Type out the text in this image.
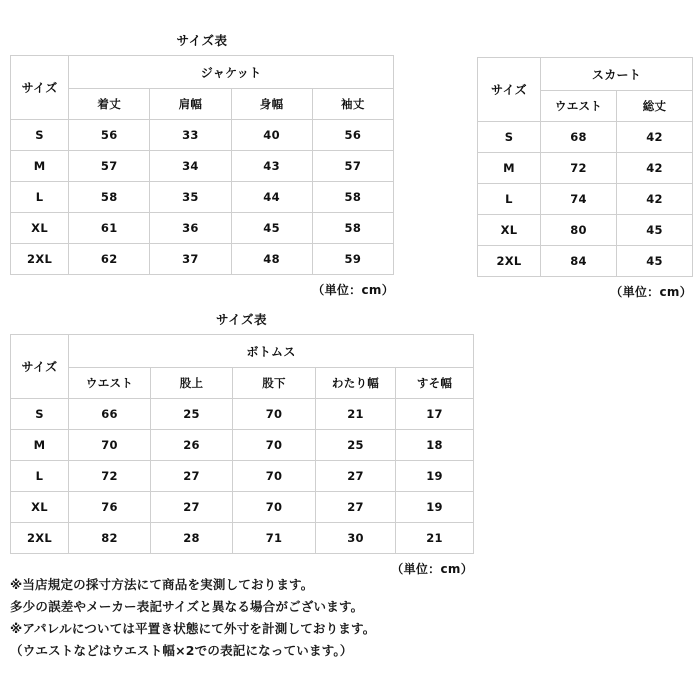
サイズ表
サイズ	ジャケット			
	着丈	肩幅	身幅	袖丈
S	56	33	40	56
M	57	34	43	57
L	58	35	44	58
XL	61	36	45	58
2XL	62	37	48	59
（単位：cm）
サイズ	スカート	
	ウエスト	総丈
S	68	42
M	72	42
L	74	42
XL	80	45
2XL	84	45
（単位：cm）
サイズ表
サイズ	ボトムス				
	ウエスト	股上	股下	わたり幅	すそ幅
S	66	25	70	21	17
M	70	26	70	25	18
L	72	27	70	27	19
XL	76	27	70	27	19
2XL	82	28	71	30	21
（単位：cm）
※当店規定の採寸方法にて商品を実測しております。
多少の誤差やメーカー表記サイズと異なる場合がございます。
※アパレルについては平置き状態にて外寸を計測しております。
（ウエストなどはウエスト幅×2での表記になっています。）
